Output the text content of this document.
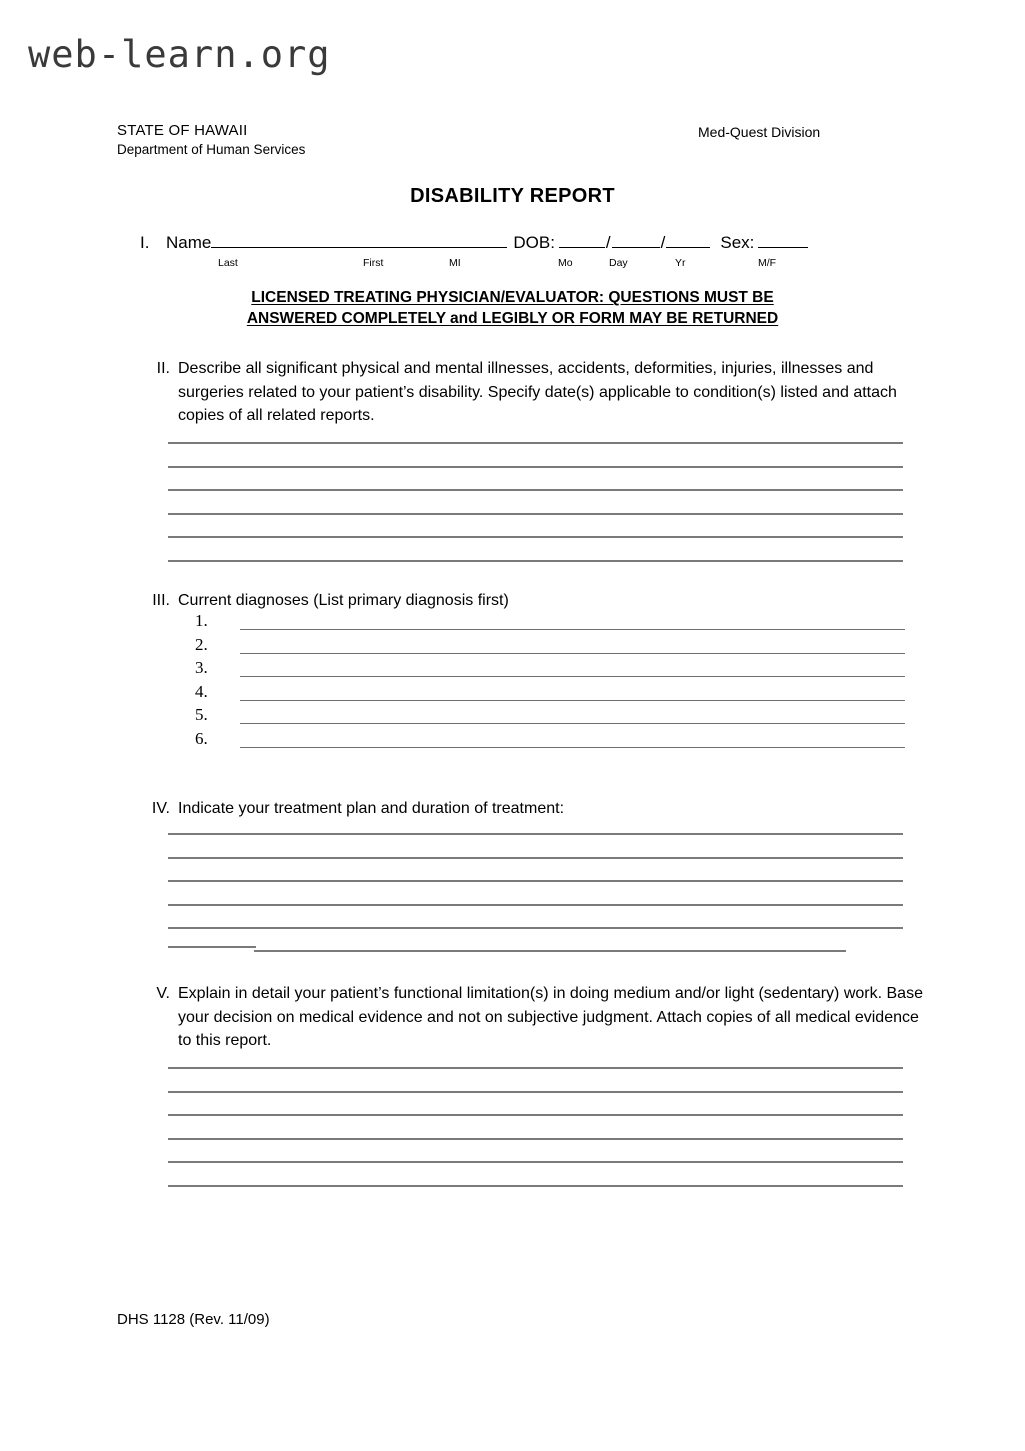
web-learn.org
STATE OF HAWAII
Department of Human Services
Med-Quest Division
DISABILITY REPORT
I. Name	DOB:	/	/	Sex:
Last	First	MI	Mo	Day	Yr	M/F
LICENSED TREATING PHYSICIAN/EVALUATOR: QUESTIONS MUST BE
ANSWERED COMPLETELY and LEGIBLY OR FORM MAY BE RETURNED
II. Describe all significant physical and mental illnesses, accidents, deformities, injuries, illnesses and surgeries related to your patient’s disability. Specify date(s) applicable to condition(s) listed and attach copies of all related reports.
III. Current diagnoses (List primary diagnosis first)
1.
2.
3.
4.
5.
6.
IV. Indicate your treatment plan and duration of treatment:
V. Explain in detail your patient’s functional limitation(s) in doing medium and/or light (sedentary) work. Base your decision on medical evidence and not on subjective judgment. Attach copies of all medical evidence to this report.
DHS 1128 (Rev. 11/09)
